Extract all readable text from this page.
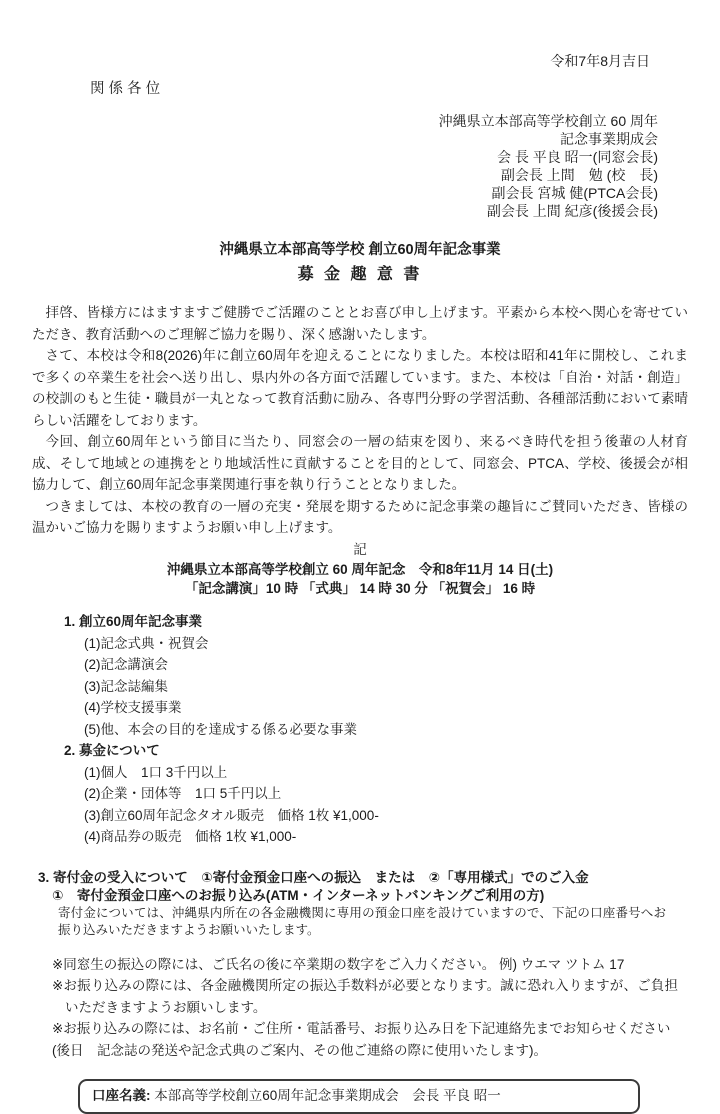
令和7年8月吉日
関 係 各 位
沖縄県立本部高等学校創立 60 周年
記念事業期成会
会 長 平良 昭一(同窓会長)
副会長 上間　勉 (校　長)
副会長 宮城 健(PTCA会長)
副会長 上間 紀彦(後援会長)
沖縄県立本部高等学校 創立60周年記念事業
募 金 趣 意 書

拝啓、皆様方にはますますご健勝でご活躍のこととお喜び申し上げます。平素から本校へ関心を寄せていただき、教育活動へのご理解ご協力を賜り、深く感謝いたします。

さて、本校は令和8(2026)年に創立60周年を迎えることになりました。本校は昭和41年に開校し、これまで多くの卒業生を社会へ送り出し、県内外の各方面で活躍しています。また、本校は「自治・対話・創造」の校訓のもと生徒・職員が一丸となって教育活動に励み、各専門分野の学習活動、各種部活動において素晴らしい活躍をしております。

今回、創立60周年という節目に当たり、同窓会の一層の結束を図り、来るべき時代を担う後輩の人材育成、そして地域との連携をとり地域活性に貢献することを目的として、同窓会、PTCA、学校、後援会が相協力して、創立60周年記念事業関連行事を執り行うこととなりました。

つきましては、本校の教育の一層の充実・発展を期するために記念事業の趣旨にご賛同いただき、皆様の温かいご協力を賜りますようお願い申し上げます。

記
沖縄県立本部高等学校創立 60 周年記念　令和8年11月 14 日(土)
「記念講演」10 時 「式典」 14 時 30 分 「祝賀会」 16 時
1. 創立60周年記念事業
(1)記念式典・祝賀会
(2)記念講演会
(3)記念誌編集
(4)学校支援事業
(5)他、本会の目的を達成する係る必要な事業
2. 募金について
(1)個人　1口 3千円以上
(2)企業・団体等　1口 5千円以上
(3)創立60周年記念タオル販売　価格 1枚 ¥1,000-
(4)商品券の販売　価格 1枚 ¥1,000-
3. 寄付金の受入について　①寄付金預金口座への振込　または　②「専用様式」でのご入金
①　寄付金預金口座へのお振り込み(ATM・インターネットバンキングご利用の方)

寄付金については、沖縄県内所在の各金融機関に専用の預金口座を設けていますので、下記の口座番号へお振り込みいただきますようお願いいたします。

※同窓生の振込の際には、ご氏名の後に卒業期の数字をご入力ください。 例) ウエマ ツトム 17

※お振り込みの際には、各金融機関所定の振込手数料が必要となります。誠に恐れ入りますが、ご負担いただきますようお願いします。

※お振り込みの際には、お名前・ご住所・電話番号、お振り込み日を下記連絡先までお知らせください

(後日　記念誌の発送や記念式典のご案内、その他ご連絡の際に使用いたします)。

口座名義: 本部高等学校創立60周年記念事業期成会　会長 平良 昭一
